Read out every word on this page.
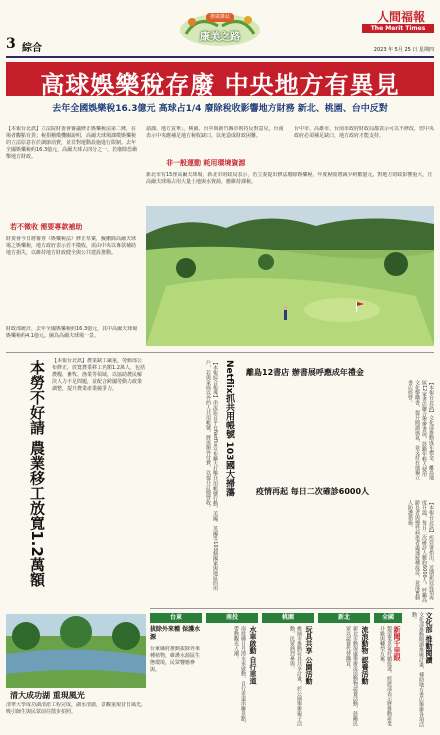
3 綜合
推廣雜誌
康美之路
人間福報
The Merit Times
2023 年 5月 25 日 星期四
高球娛樂稅存廢 中央地方有異見
去年全國娛樂稅16.3億元 高球占1/4 廢除稅收影響地方財務 新北、桃園、台中反對
【本報台北訊】立法院財委會審議修正娛樂稅法第二條，在場者觀點有異；稅捐稽徵機關說明，高爾夫球場課徵娛樂稅的立法原意在於調節消費，並非對運動設施進行限制。去年全國娛樂稅約16.3億元，高爾夫球占四分之一，若廢除恐衝擊地方財政。
請課、地方買單」。桃園、台中與新竹縣市則持反對意見，台南表示中央應補足地方稅收缺口，以免造成財政困難。
台中市、高雄市、台南市政府財政局都表示可以不修改，但中央政府必須補足缺口，地方政府才能支持。
非一般運動 耗用環境資源
新北市有15座高爾夫球場，新北市財政局表示，若立委提出修法廢除娛樂稅，年度稅收將減少約數億元，對地方財政影響重大，且高爾夫球場占用大量土地與水資源，應維持課稅。
若不徵收 需要專款補助
財委會今日將審查《娛樂稅法》修正草案，擬刪除高爾夫球場之娛樂稅，地方政府表示若不徵收，需由中央以專款補助地方損失，以維持地方財政健全與公共建設推動。
財政部統計，去年全國娛樂稅約16.3億元，其中高爾夫球場娛樂稅約4.1億元。圖為高爾夫球場一景。
本勞不好請 農業移工放寬1.2萬額 【本報台北訊】農業缺工嚴重，勞動部公布修正，放寬農業移工名額1.2萬人，包括農糧、畜牧、漁業等領域，以協助農民解決人力不足問題，並配合跨國勞動力政策調整，提升農業產業競爭力。
清大成功湖 重現風光
清華大學成功湖清淤工程完成，湖水清澈，景觀重現昔日風光，吸引師生與民眾前往散步拍照。
Netflix抓共用帳號 103國大掃蕩
【本報綜合報導】串流影音平台Netflix宣布擴大打擊共用帳號行動，美國、英國等103個國家與地區的用戶，若與家庭以外的人共用帳號，將需額外付費，以提升訂閱營收。	離島12書店 辦書展呼應成年禮金
【本報台北訊】文化部推動成年禮金，離島地區12家書店聯合舉辦書展，鼓勵年輕人使用文化幣購書，提升閱讀風氣，並支持在地獨立書店經營。
疫情再起 每日二次確診6000人
【本報台北訊】疾管署指出，近期新冠疫情再度升溫，每日二次確診人數約6000人，呼籲高齡長者與慢性病患者盡速接種疫苗，並落實個人防護措施。
台東	南投	桃園	新北	全國
拔除外來種 保護水源
台東縣府推動拔除外來種植物，維護水源區生態環境，民眾響應參與。	水車啟動 自行車道
南投縣日月潭水車啟動，自行車道串聯景點，帶動觀光人潮。	玩具共享 公園活動
桃園市推動玩具共享計畫，於公園舉辦親子活動，民眾熱烈參與。	流浪動物 認養活動
新北市動保處舉辦流浪動物認養活動，鼓勵民眾以認養代替購買。	新聞千里眼
製造業景氣持續低迷，經濟部表示將推動產業升級與轉型方案。	文化部 推動閱讀
文化部推動閱讀推廣計畫，補助地方書店舉辦各項活動。
